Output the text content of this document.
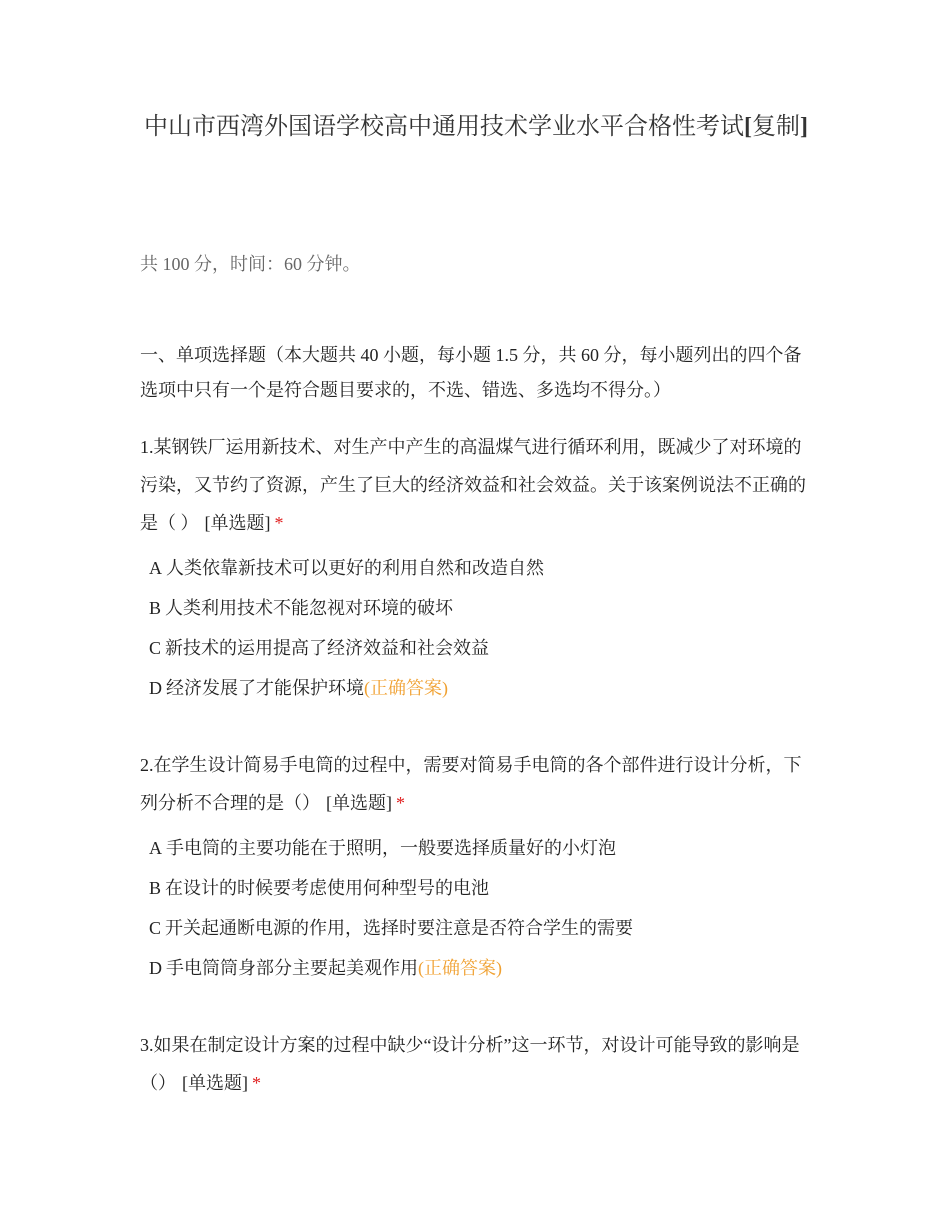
中山市西湾外国语学校高中通用技术学业水平合格性考试[复制]
共 100 分，时间：60 分钟。
一、单项选择题（本大题共 40 小题，每小题 1.5 分，共 60 分，每小题列出的四个备选项中只有一个是符合题目要求的，不选、错选、多选均不得分。）
1.某钢铁厂运用新技术、对生产中产生的高温煤气进行循环利用，既减少了对环境的污染，又节约了资源，产生了巨大的经济效益和社会效益。关于该案例说法不正确的是（ ） [单选题] *
A 人类依靠新技术可以更好的利用自然和改造自然
B 人类利用技术不能忽视对环境的破坏
C 新技术的运用提高了经济效益和社会效益
D 经济发展了才能保护环境(正确答案)
2.在学生设计简易手电筒的过程中，需要对简易手电筒的各个部件进行设计分析，下列分析不合理的是（） [单选题] *
A 手电筒的主要功能在于照明，一般要选择质量好的小灯泡
B 在设计的时候要考虑使用何种型号的电池
C 开关起通断电源的作用，选择时要注意是否符合学生的需要
D 手电筒筒身部分主要起美观作用(正确答案)
3.如果在制定设计方案的过程中缺少“设计分析”这一环节，对设计可能导致的影响是（） [单选题] *
